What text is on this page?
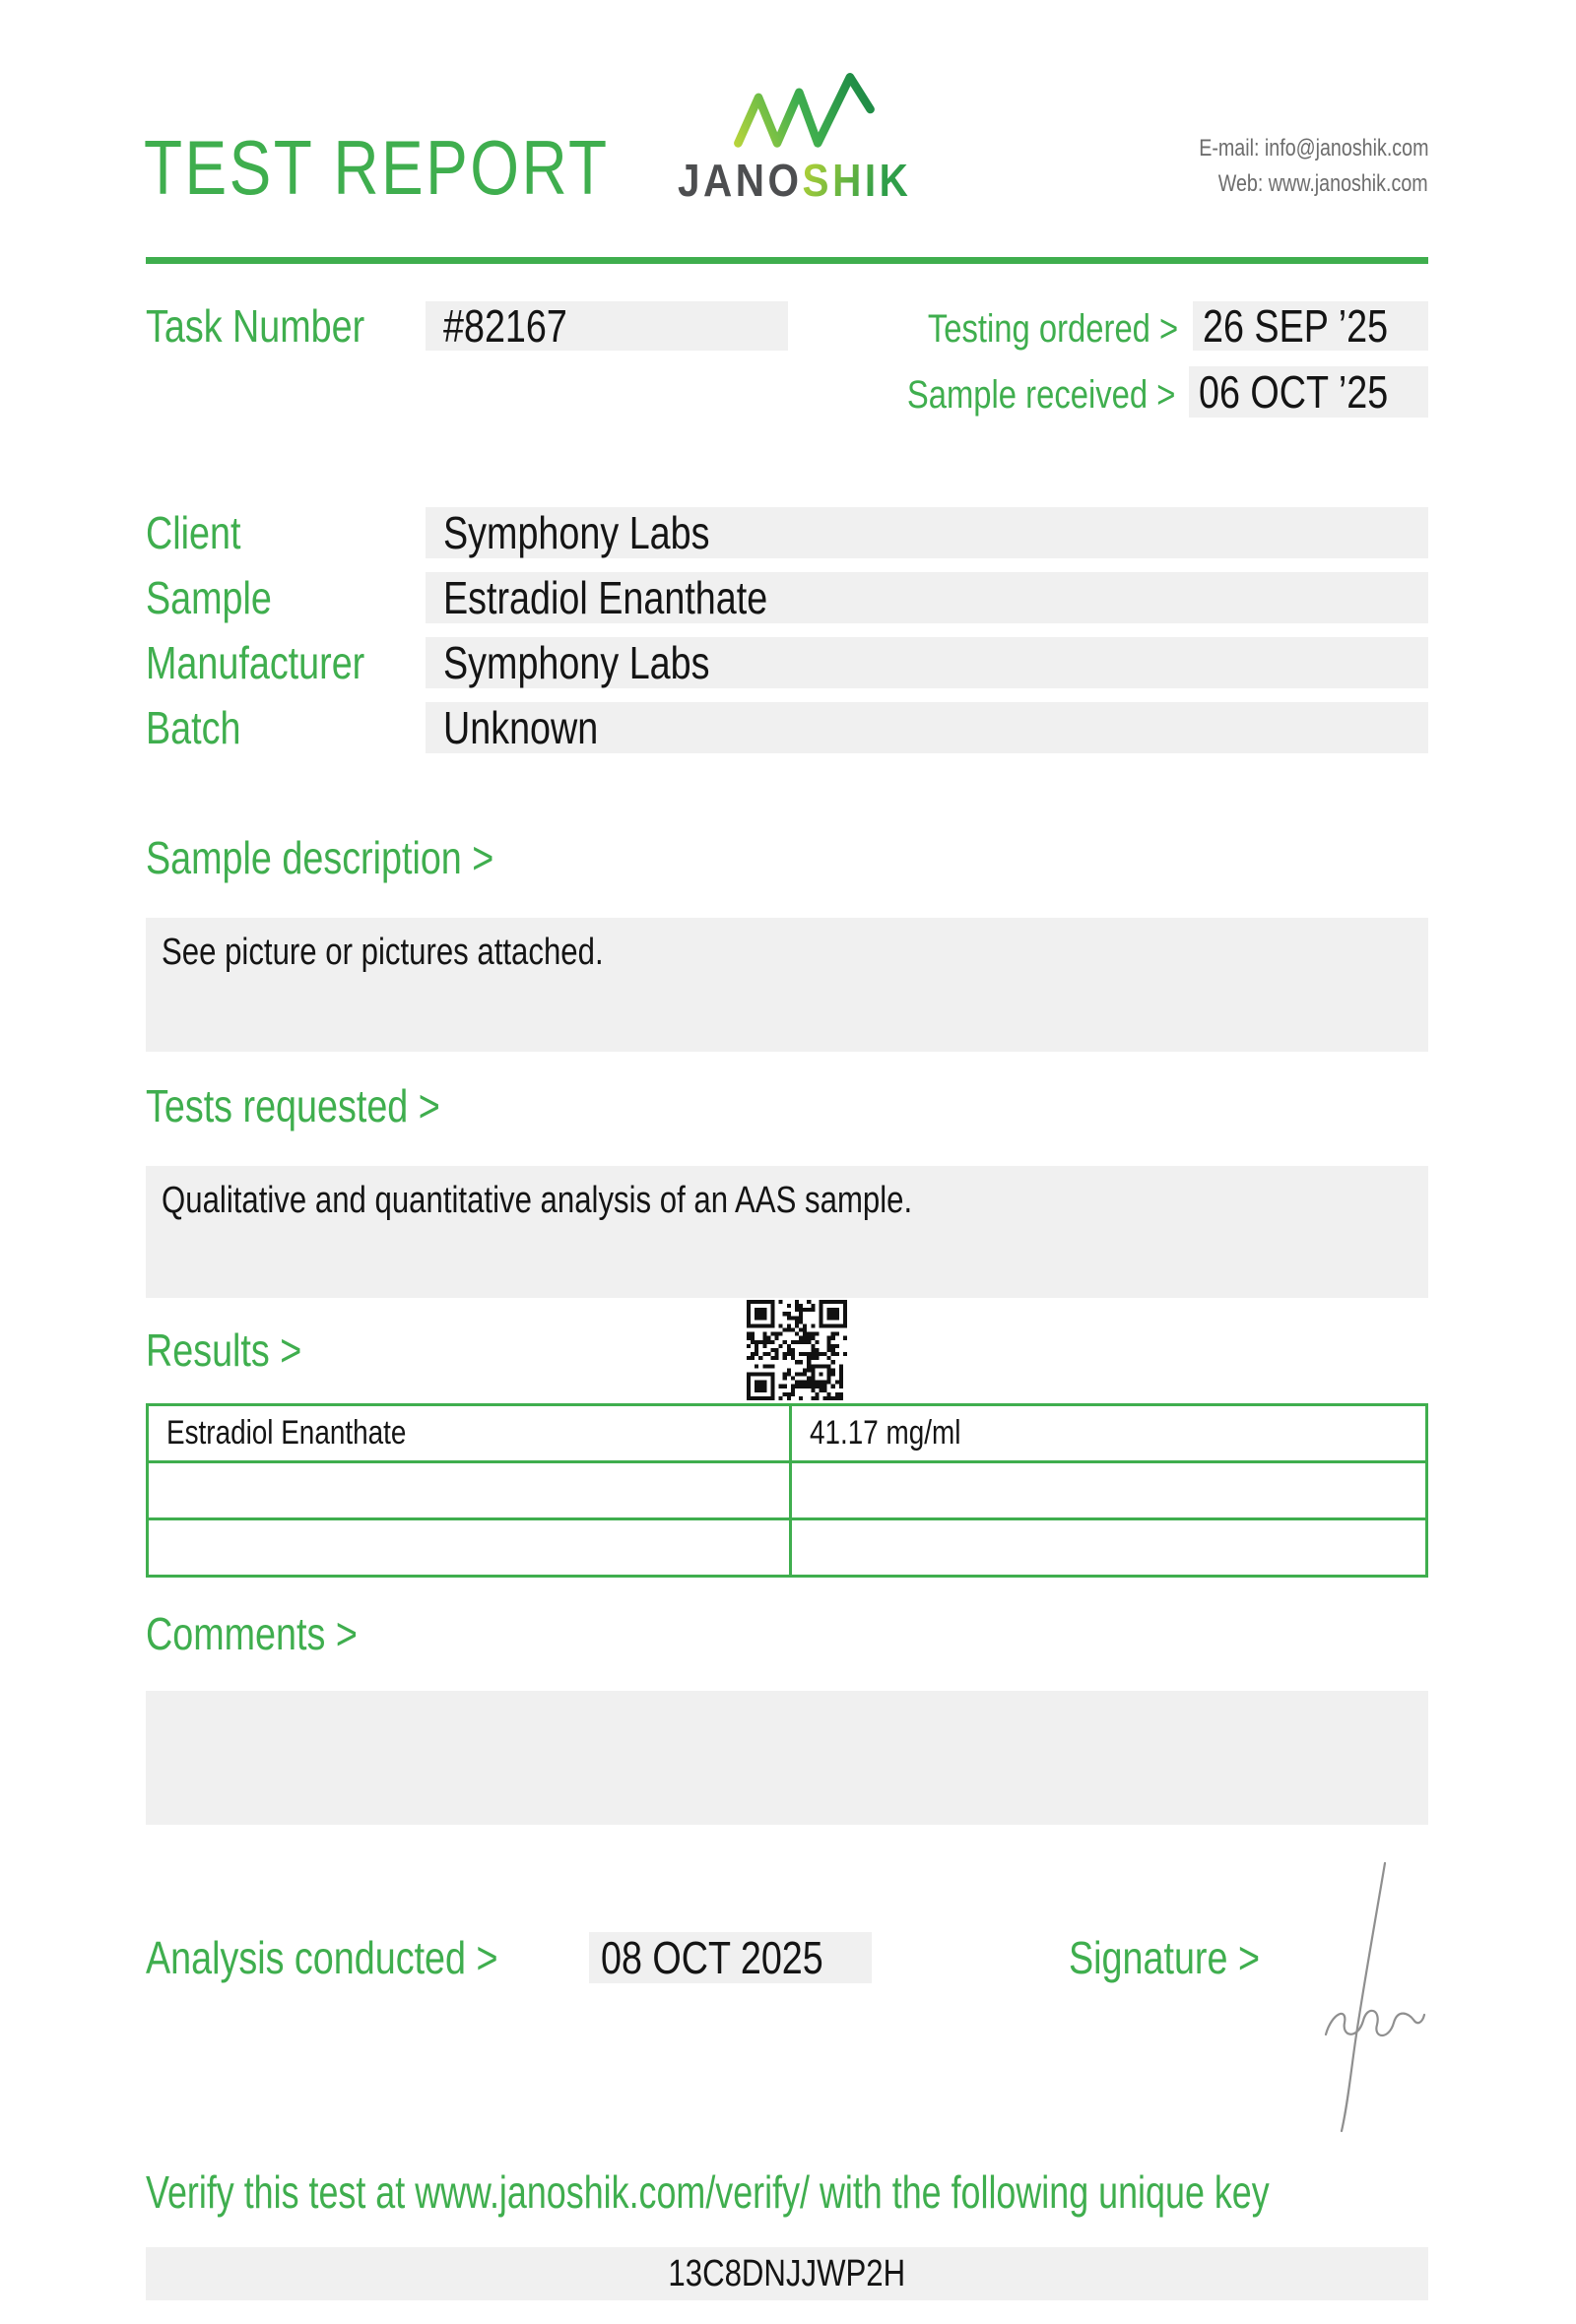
TEST REPORT	JANOSHIK
E-mail: info@janoshik.com
Web: www.janoshik.com
Task Number	#82167	Testing ordered > 26 SEP ’25
Sample received > 06 OCT ’25
Client	Symphony Labs
Sample	Estradiol Enanthate
Manufacturer	Symphony Labs
Batch	Unknown
Sample description >
See picture or pictures attached.
Tests requested >
Qualitative and quantitative analysis of an AAS sample.
Results >
Estradiol Enanthate	41.17 mg/ml
Comments >
Analysis conducted >	08 OCT 2025	Signature >
Verify this test at www.janoshik.com/verify/ with the following unique key
13C8DNJJWP2H
